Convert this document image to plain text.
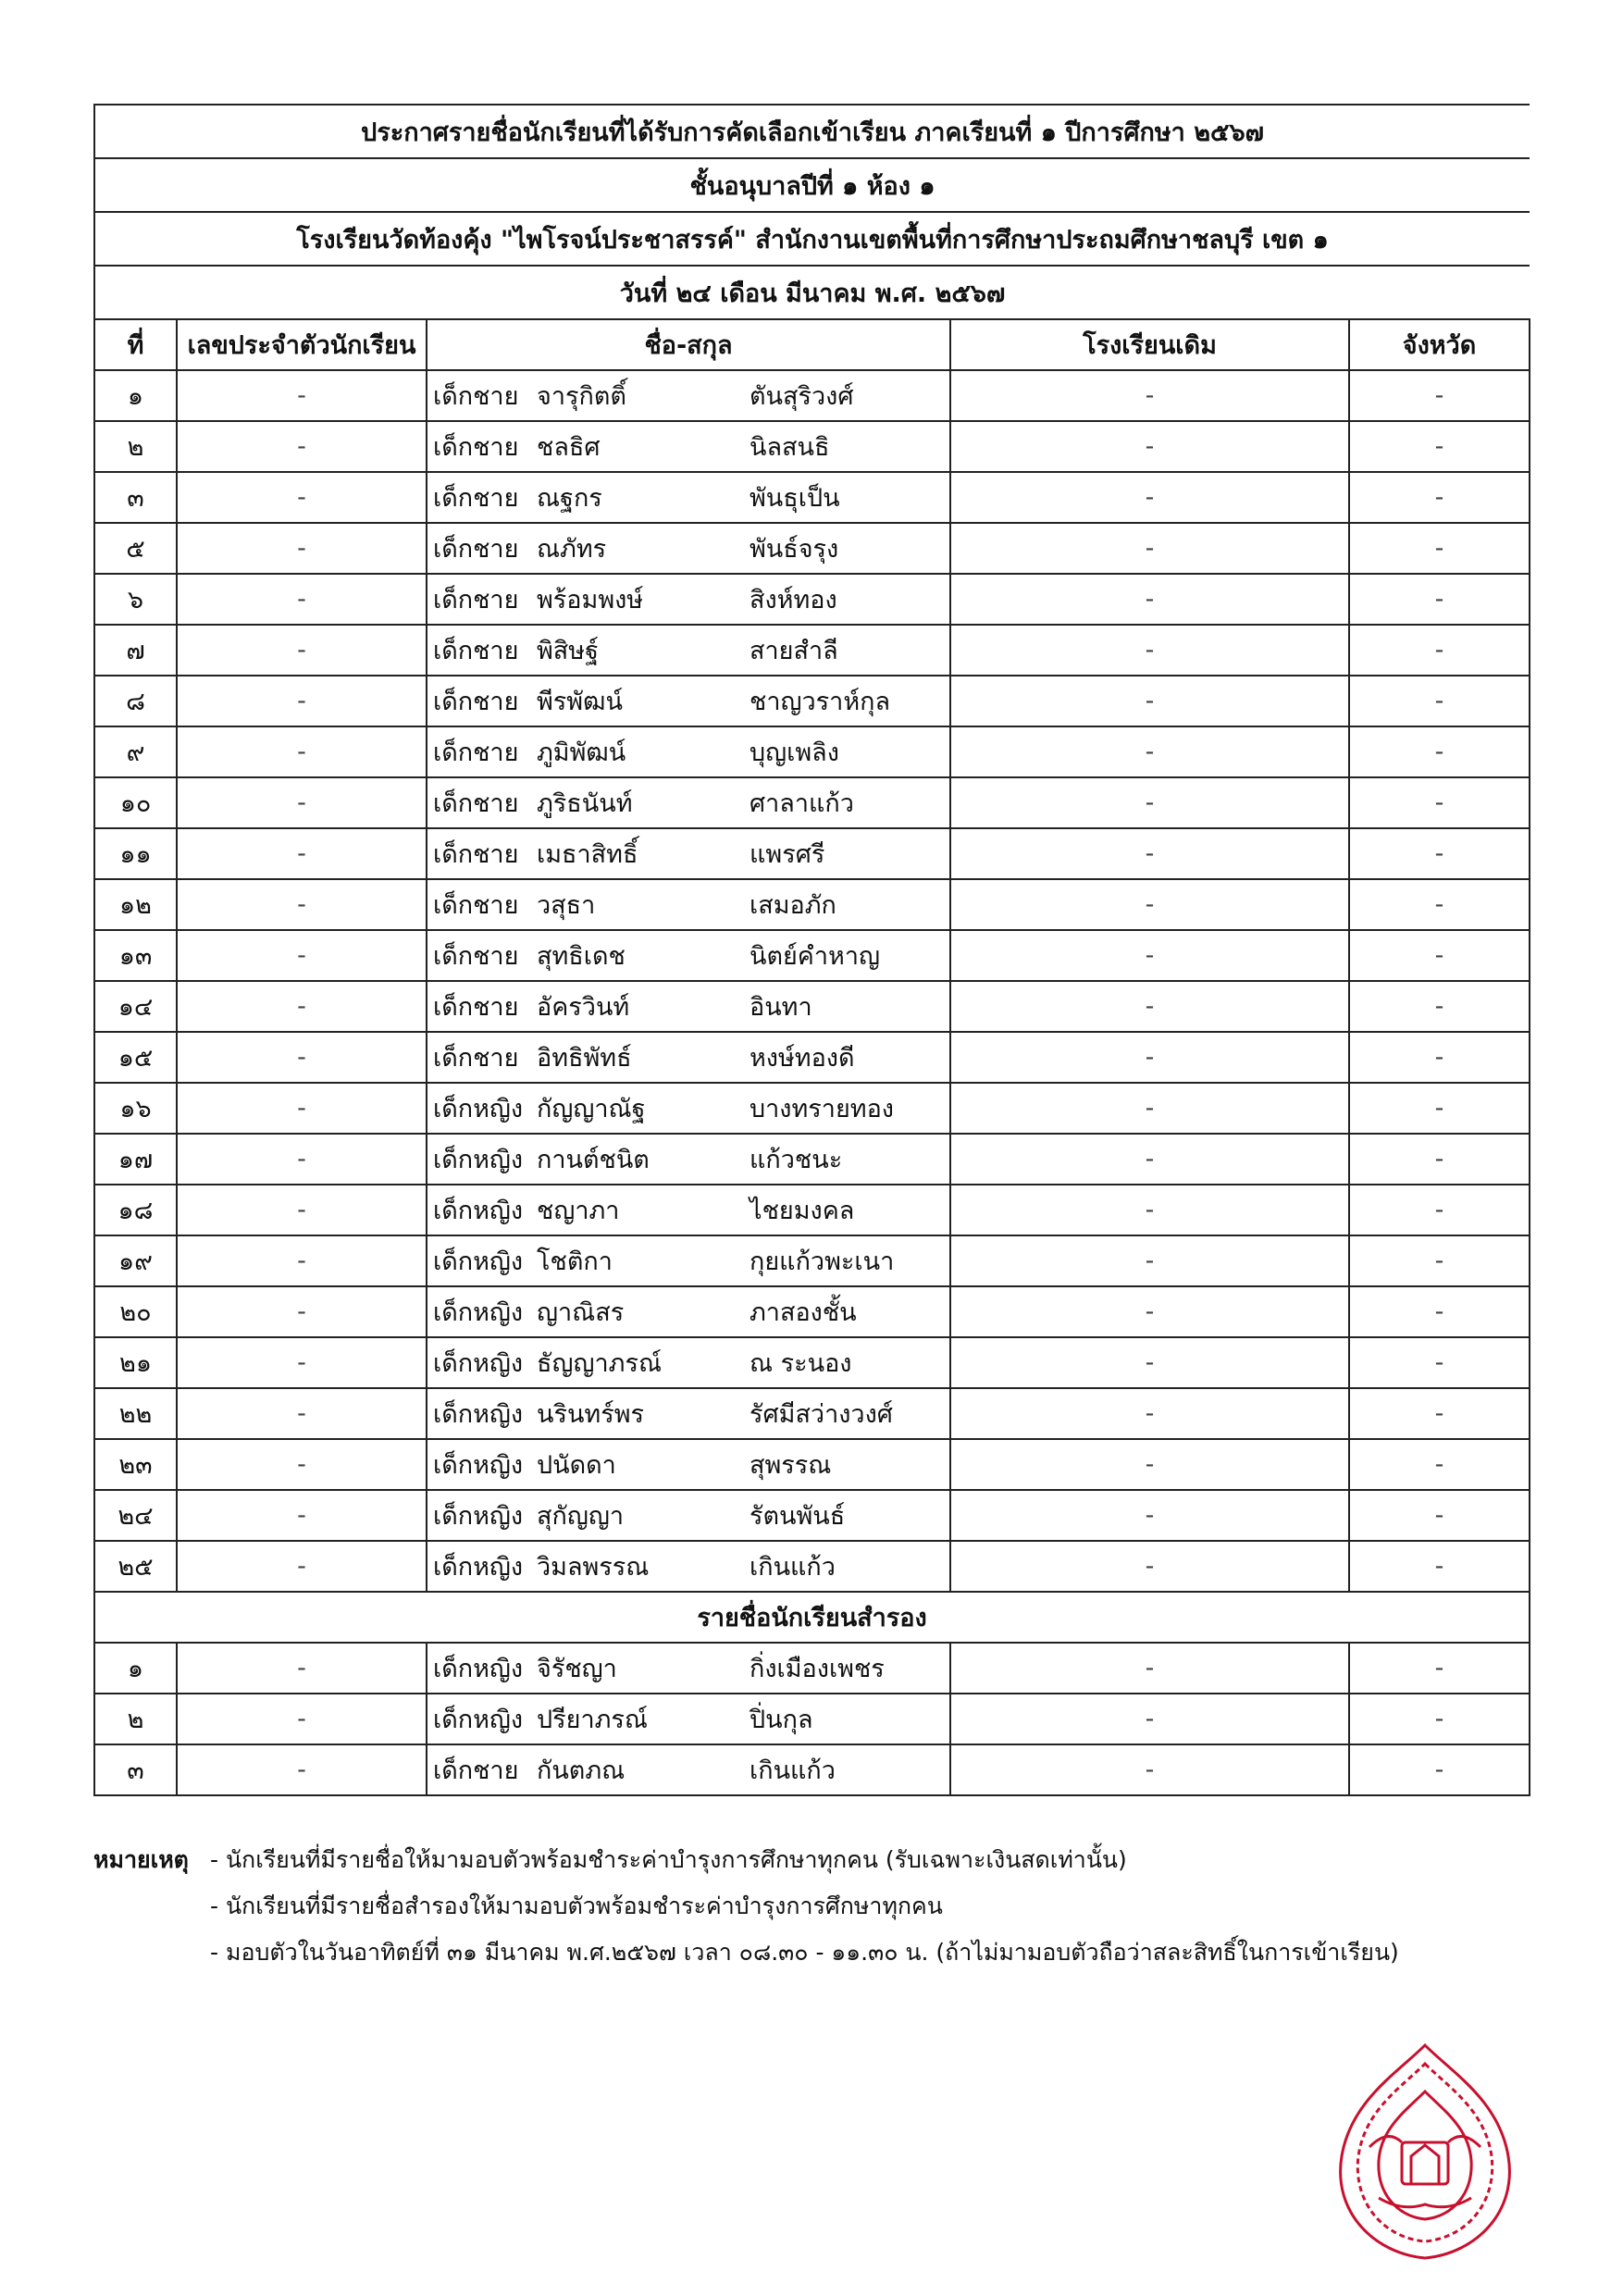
ประกาศรายชื่อนักเรียนที่ได้รับการคัดเลือกเข้าเรียน ภาคเรียนที่ ๑ ปีการศึกษา ๒๕๖๗				
ชั้นอนุบาลปีที่ ๑ ห้อง ๑				
โรงเรียนวัดท้องคุ้ง "ไพโรจน์ประชาสรรค์" สำนักงานเขตพื้นที่การศึกษาประถมศึกษาชลบุรี เขต ๑				
วันที่ ๒๔ เดือน มีนาคม พ.ศ. ๒๕๖๗				
ที่	เลขประจำตัวนักเรียน	ชื่อ-สกุล	โรงเรียนเดิม	จังหวัด
๑	-	เด็กชาย จารุกิตติ์ ตันสุริวงศ์	-	-
๒	-	เด็กชาย ชลธิศ นิลสนธิ	-	-
๓	-	เด็กชาย ณฐกร พันธุเป็น	-	-
๕	-	เด็กชาย ณภัทร พันธ์จรุง	-	-
๖	-	เด็กชาย พร้อมพงษ์ สิงห์ทอง	-	-
๗	-	เด็กชาย พิสิษฐ์ สายสำลี	-	-
๘	-	เด็กชาย พีรพัฒน์ ชาญวราห์กุล	-	-
๙	-	เด็กชาย ภูมิพัฒน์ บุญเพลิง	-	-
๑๐	-	เด็กชาย ภูริธนันท์ ศาลาแก้ว	-	-
๑๑	-	เด็กชาย เมธาสิทธิ์ แพรศรี	-	-
๑๒	-	เด็กชาย วสุธา เสมอภัก	-	-
๑๓	-	เด็กชาย สุทธิเดช นิตย์คำหาญ	-	-
๑๔	-	เด็กชาย อัครวินท์ อินทา	-	-
๑๕	-	เด็กชาย อิทธิพัทธ์ หงษ์ทองดี	-	-
๑๖	-	เด็กหญิง กัญญาณัฐ บางทรายทอง	-	-
๑๗	-	เด็กหญิง กานต์ชนิต แก้วชนะ	-	-
๑๘	-	เด็กหญิง ชญาภา ไชยมงคล	-	-
๑๙	-	เด็กหญิง โชติกา กุยแก้วพะเนา	-	-
๒๐	-	เด็กหญิง ญาณิสร ภาสองชั้น	-	-
๒๑	-	เด็กหญิง ธัญญาภรณ์ ณ ระนอง	-	-
๒๒	-	เด็กหญิง นรินทร์พร รัศมีสว่างวงศ์	-	-
๒๓	-	เด็กหญิง ปนัดดา สุพรรณ	-	-
๒๔	-	เด็กหญิง สุกัญญา รัตนพันธ์	-	-
๒๕	-	เด็กหญิง วิมลพรรณ เกินแก้ว	-	-
รายชื่อนักเรียนสำรอง				
๑	-	เด็กหญิง จิรัชญา กิ่งเมืองเพชร	-	-
๒	-	เด็กหญิง ปรียาภรณ์ ปิ่นกุล	-	-
๓	-	เด็กชาย กันตภณ เกินแก้ว	-	-
หมายเหตุ - นักเรียนที่มีรายชื่อให้มามอบตัวพร้อมชำระค่าบำรุงการศึกษาทุกคน (รับเฉพาะเงินสดเท่านั้น)
- นักเรียนที่มีรายชื่อสำรองให้มามอบตัวพร้อมชำระค่าบำรุงการศึกษาทุกคน
- มอบตัวในวันอาทิตย์ที่ ๓๑ มีนาคม พ.ศ.๒๕๖๗ เวลา ๐๘.๓๐ - ๑๑.๓๐ น. (ถ้าไม่มามอบตัวถือว่าสละสิทธิ์ในการเข้าเรียน)
